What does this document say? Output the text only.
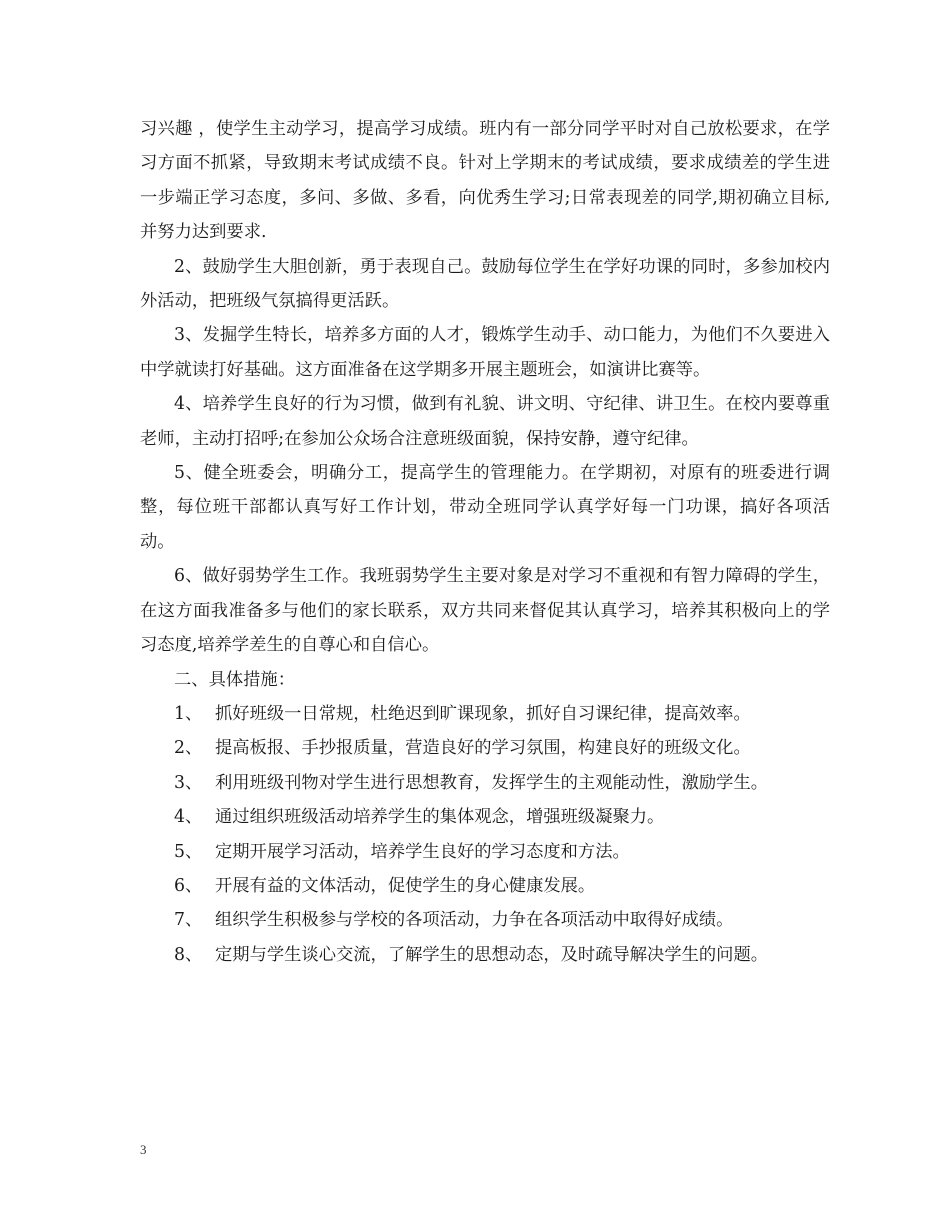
习兴趣 ，使学生主动学习，提高学习成绩。班内有一部分同学平时对自己放松要求，在学习方面不抓紧，导致期末考试成绩不良。针对上学期末的考试成绩，要求成绩差的学生进一步端正学习态度，多问、多做、多看，向优秀生学习;日常表现差的同学,期初确立目标,并努力达到要求.

2、鼓励学生大胆创新，勇于表现自己。鼓励每位学生在学好功课的同时，多参加校内外活动，把班级气氛搞得更活跃。

3、发掘学生特长，培养多方面的人才，锻炼学生动手、动口能力，为他们不久要进入中学就读打好基础。这方面准备在这学期多开展主题班会，如演讲比赛等。

4、培养学生良好的行为习惯，做到有礼貌、讲文明、守纪律、讲卫生。在校内要尊重老师，主动打招呼;在参加公众场合注意班级面貌，保持安静，遵守纪律。

5、健全班委会，明确分工，提高学生的管理能力。在学期初，对原有的班委进行调整，每位班干部都认真写好工作计划，带动全班同学认真学好每一门功课，搞好各项活动。

6、做好弱势学生工作。我班弱势学生主要对象是对学习不重视和有智力障碍的学生，在这方面我准备多与他们的家长联系，双方共同来督促其认真学习，培养其积极向上的学习态度,培养学差生的自尊心和自信心。

二、具体措施：

1、 抓好班级一日常规，杜绝迟到旷课现象，抓好自习课纪律，提高效率。
2、 提高板报、手抄报质量，营造良好的学习氛围，构建良好的班级文化。
3、 利用班级刊物对学生进行思想教育，发挥学生的主观能动性，激励学生。
4、 通过组织班级活动培养学生的集体观念，增强班级凝聚力。
5、 定期开展学习活动，培养学生良好的学习态度和方法。
6、 开展有益的文体活动，促使学生的身心健康发展。
7、 组织学生积极参与学校的各项活动，力争在各项活动中取得好成绩。
8、 定期与学生谈心交流，了解学生的思想动态，及时疏导解决学生的问题。
3
